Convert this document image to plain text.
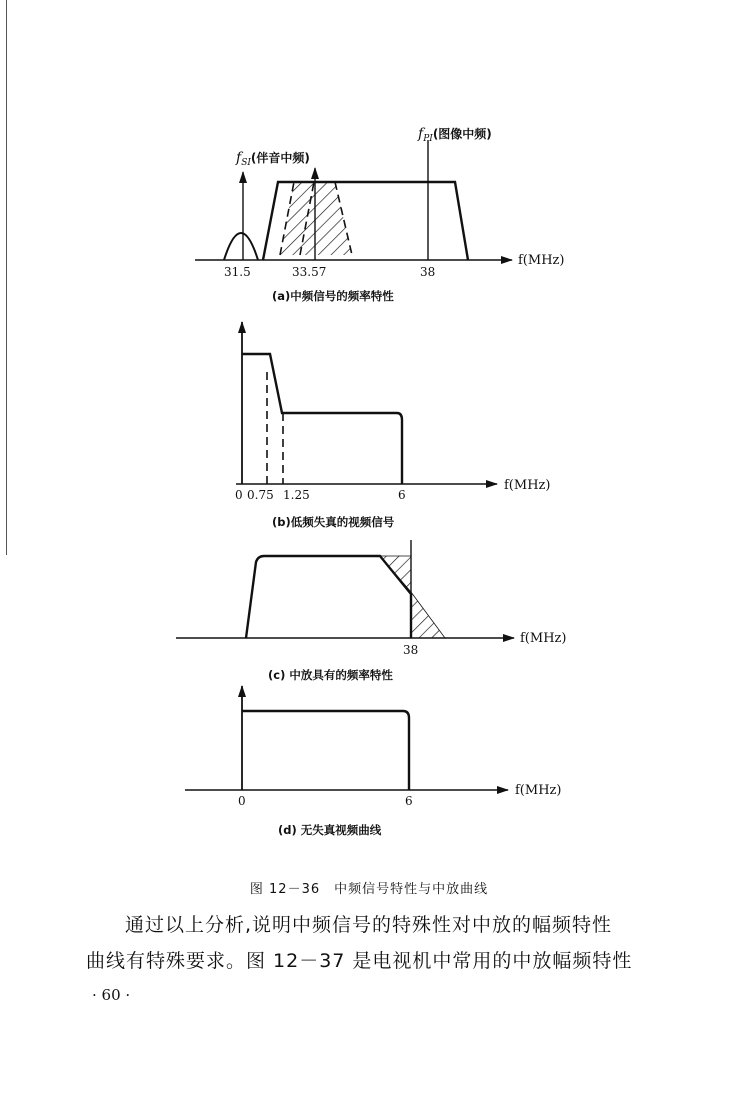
$f_{SI}$(伴音中频)
$f_{PI}$(图像中频)
31.5	33.57	38
f(MHz)
(a)中频信号的频率特性
0 0.75 1.25	6
f(MHz)
(b)低频失真的视频信号
38
f(MHz)
(c) 中放具有的频率特性
0	6
f(MHz)
(d) 无失真视频曲线
图 12－36　中频信号特性与中放曲线
通过以上分析,说明中频信号的特殊性对中放的幅频特性
曲线有特殊要求。图 12－37 是电视机中常用的中放幅频特性
· 60 ·
